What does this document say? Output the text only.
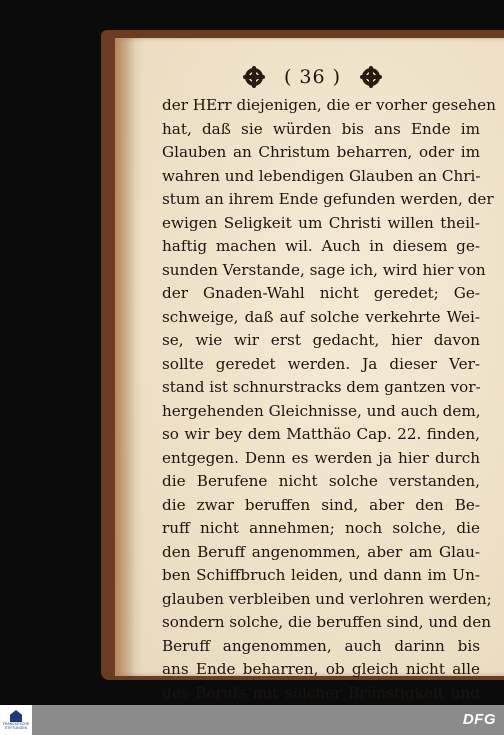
( 36 )
der HErr diejenigen, die er vorher gesehen
hat, daß sie würden bis ans Ende im
Glauben an Christum beharren, oder im
wahren und lebendigen Glauben an Chri-
stum an ihrem Ende gefunden werden, der
ewigen Seligkeit um Christi willen theil-
haftig machen wil. Auch in diesem ge-
sunden Verstande, sage ich, wird hier von
der Gnaden-Wahl nicht geredet; Ge-
schweige, daß auf solche verkehrte Wei-
se, wie wir erst gedacht, hier davon
sollte geredet werden. Ja dieser Ver-
stand ist schnurstracks dem gantzen vor-
hergehenden Gleichnisse, und auch dem,
so wir bey dem Matthäo Cap. 22. finden,
entgegen. Denn es werden ja hier durch
die Berufene nicht solche verstanden,
die zwar beruffen sind, aber den Be-
ruff nicht annehmen; noch solche, die
den Beruff angenommen, aber am Glau-
ben Schiffbruch leiden, und dann im Un-
glauben verbleiben und verlohren werden;
sondern solche, die beruffen sind, und den
Beruff angenommen, auch darinn bis
ans Ende beharren, ob gleich nicht alle
des Berufs mit solcher Brünstigkeit und
FRANCKESCHE STIFTUNGEN	DFG
